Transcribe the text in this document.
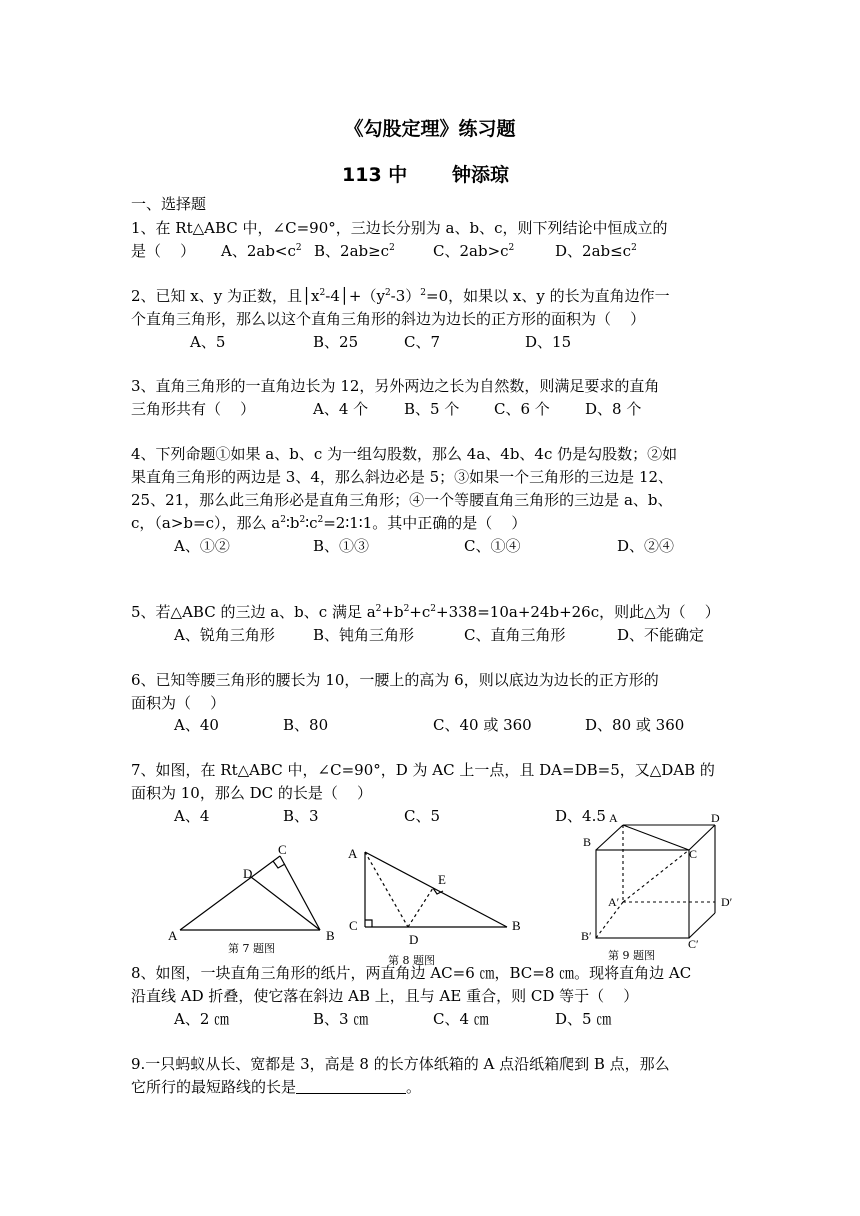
《勾股定理》练习题
113 中 钟添琼
一、选择题
1、在 Rt△ABC 中，∠C=90°，三边长分别为 a、b、c，则下列结论中恒成立的
是（    ） A、$2ab<c^2$ B、$2ab\ge c^2$	C、$2ab>c^2$	D、$2ab\le c^2$
2、已知 x、y 为正数，且$│x^2-4│+(y^2-3)^2=0$，如果以 x、y 的长为直角边作一
个直角三角形，那么以这个直角三角形的斜边为边长的正方形的面积为（    ）
A、5	B、25	C、7	D、15
3、直角三角形的一直角边长为 12，另外两边之长为自然数，则满足要求的直角
三角形共有（    ）	A、4 个 B、5 个 C、6 个 D、8 个
4、下列命题①如果 a、b、c 为一组勾股数，那么 4a、4b、4c 仍是勾股数；②如
果直角三角形的两边是 3、4，那么斜边必是 5；③如果一个三角形的三边是 12、
25、21，那么此三角形必是直角三角形；④一个等腰直角三角形的三边是 a、b、
c，（a>b=c），那么 $a^2∶b^2∶c^2=2∶1∶1$。其中正确的是（    ）
A、①②	B、①③	C、①④	D、②④
5、若△ABC 的三边 a、b、c 满足 $a^2+b^2+c^2+338=10a+24b+26c$，则此△为（    ）
A、锐角三角形	B、钝角三角形	C、直角三角形	D、不能确定
6、已知等腰三角形的腰长为 10，一腰上的高为 6，则以底边为边长的正方形的
面积为（    ）
A、40	B、80	C、40 或 360	D、80 或 360
7、如图，在 Rt△ABC 中，∠C=90°，D 为 AC 上一点，且 DA=DB=5，又△DAB 的
面积为 10，那么 DC 的长是（    ）
A、4	B、3	C、5	D、4.5
A	B
C
D
第 7 题图
A
B
C
D
E
第 8 题图
A
B
C
D
A′
B′
C′
D′
第 9 题图
8、如图，一块直角三角形的纸片，两直角边 AC=6 ㎝，BC=8 ㎝。现将直角边 AC
沿直线 AD 折叠，使它落在斜边 AB 上，且与 AE 重合，则 CD 等于（    ）
A、2 ㎝	B、3 ㎝	C、4 ㎝	D、5 ㎝
9.一只蚂蚁从长、宽都是 3，高是 8 的长方体纸箱的 A 点沿纸箱爬到 B 点，那么
它所行的最短路线的长是	。
